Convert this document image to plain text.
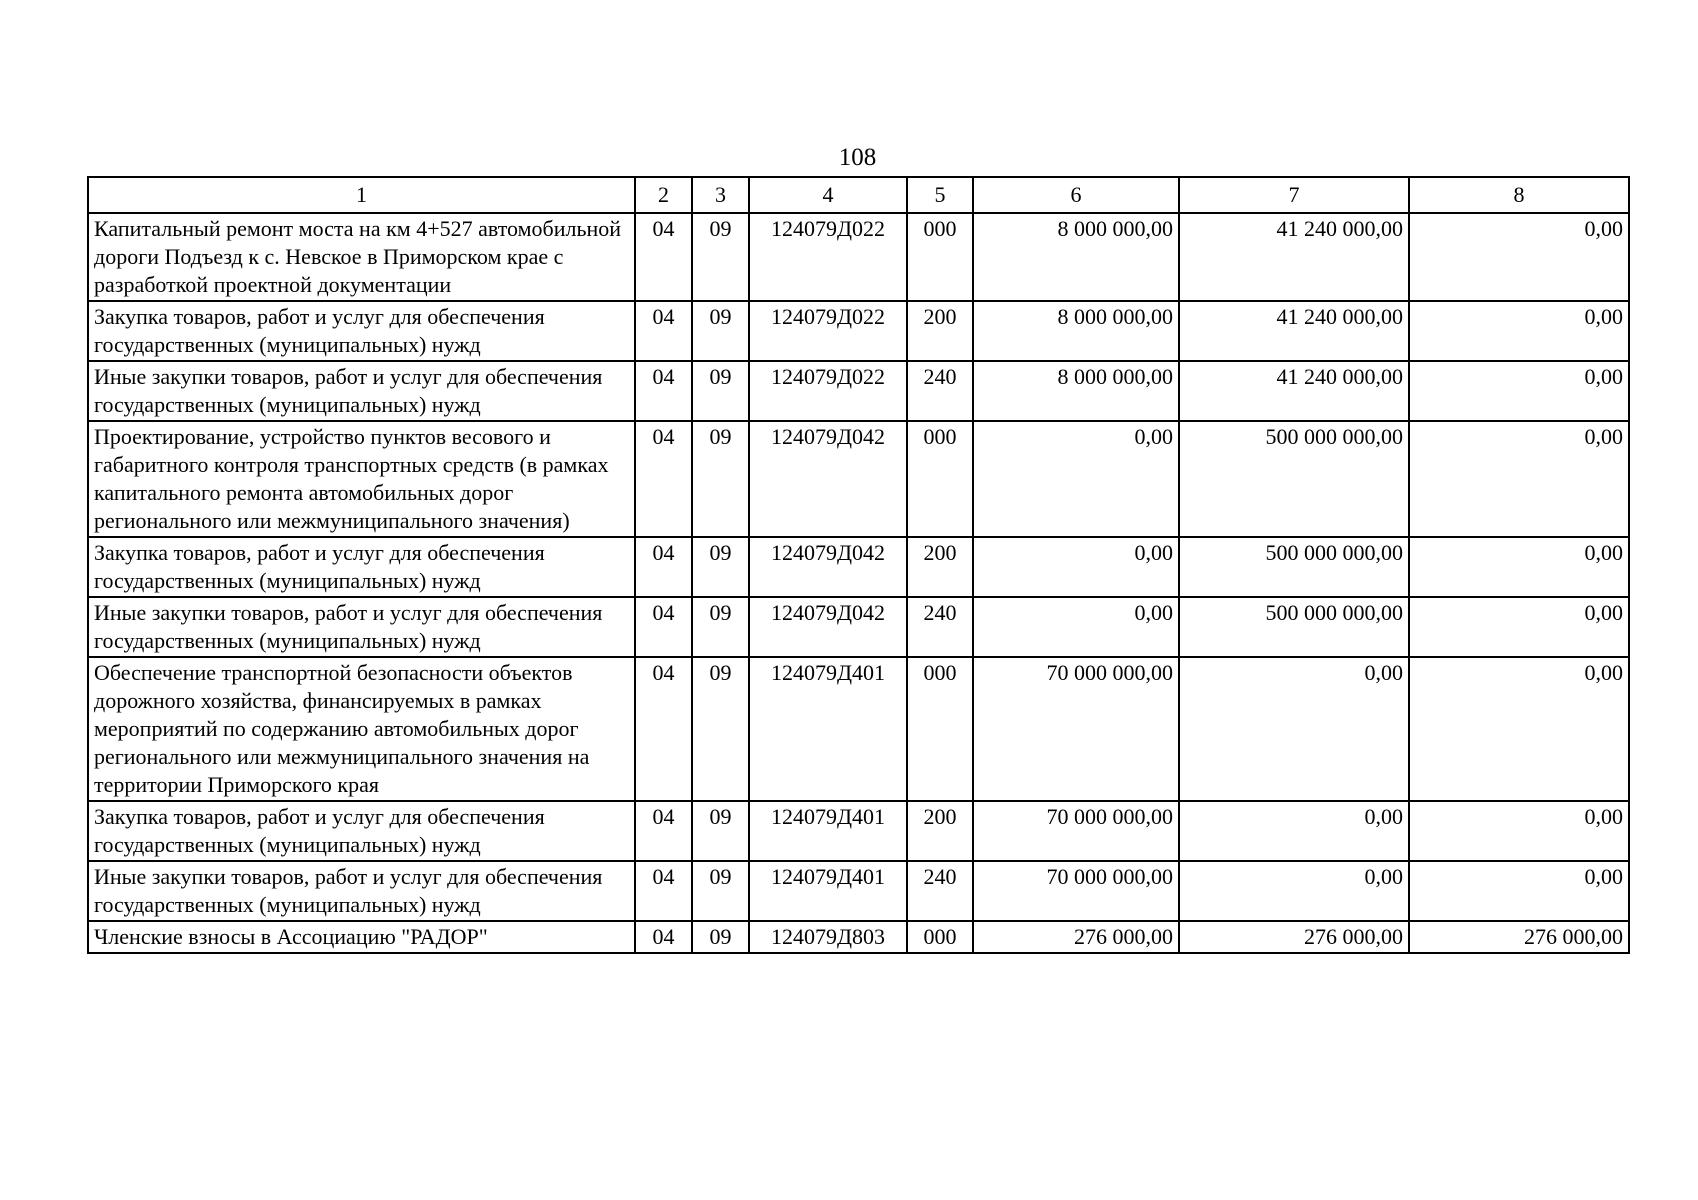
108
1	2	3	4	5	6	7	8
Капитальный ремонт моста на км 4+527 автомобильной дороги Подъезд к с. Невское в Приморском крае с разработкой проектной документации	04	09	124079Д022	000	8 000 000,00	41 240 000,00	0,00
Закупка товаров, работ и услуг для обеспечения государственных (муниципальных) нужд	04	09	124079Д022	200	8 000 000,00	41 240 000,00	0,00
Иные закупки товаров, работ и услуг для обеспечения государственных (муниципальных) нужд	04	09	124079Д022	240	8 000 000,00	41 240 000,00	0,00
Проектирование, устройство пунктов весового и габаритного контроля транспортных средств (в рамках капитального ремонта автомобильных дорог регионального или межмуниципального значения)	04	09	124079Д042	000	0,00	500 000 000,00	0,00
Закупка товаров, работ и услуг для обеспечения государственных (муниципальных) нужд	04	09	124079Д042	200	0,00	500 000 000,00	0,00
Иные закупки товаров, работ и услуг для обеспечения государственных (муниципальных) нужд	04	09	124079Д042	240	0,00	500 000 000,00	0,00
Обеспечение транспортной безопасности объектов дорожного хозяйства, финансируемых в рамках мероприятий по содержанию автомобильных дорог регионального или межмуниципального значения на территории Приморского края	04	09	124079Д401	000	70 000 000,00	0,00	0,00
Закупка товаров, работ и услуг для обеспечения государственных (муниципальных) нужд	04	09	124079Д401	200	70 000 000,00	0,00	0,00
Иные закупки товаров, работ и услуг для обеспечения государственных (муниципальных) нужд	04	09	124079Д401	240	70 000 000,00	0,00	0,00
Членские взносы в Ассоциацию "РАДОР"	04	09	124079Д803	000	276 000,00	276 000,00	276 000,00
